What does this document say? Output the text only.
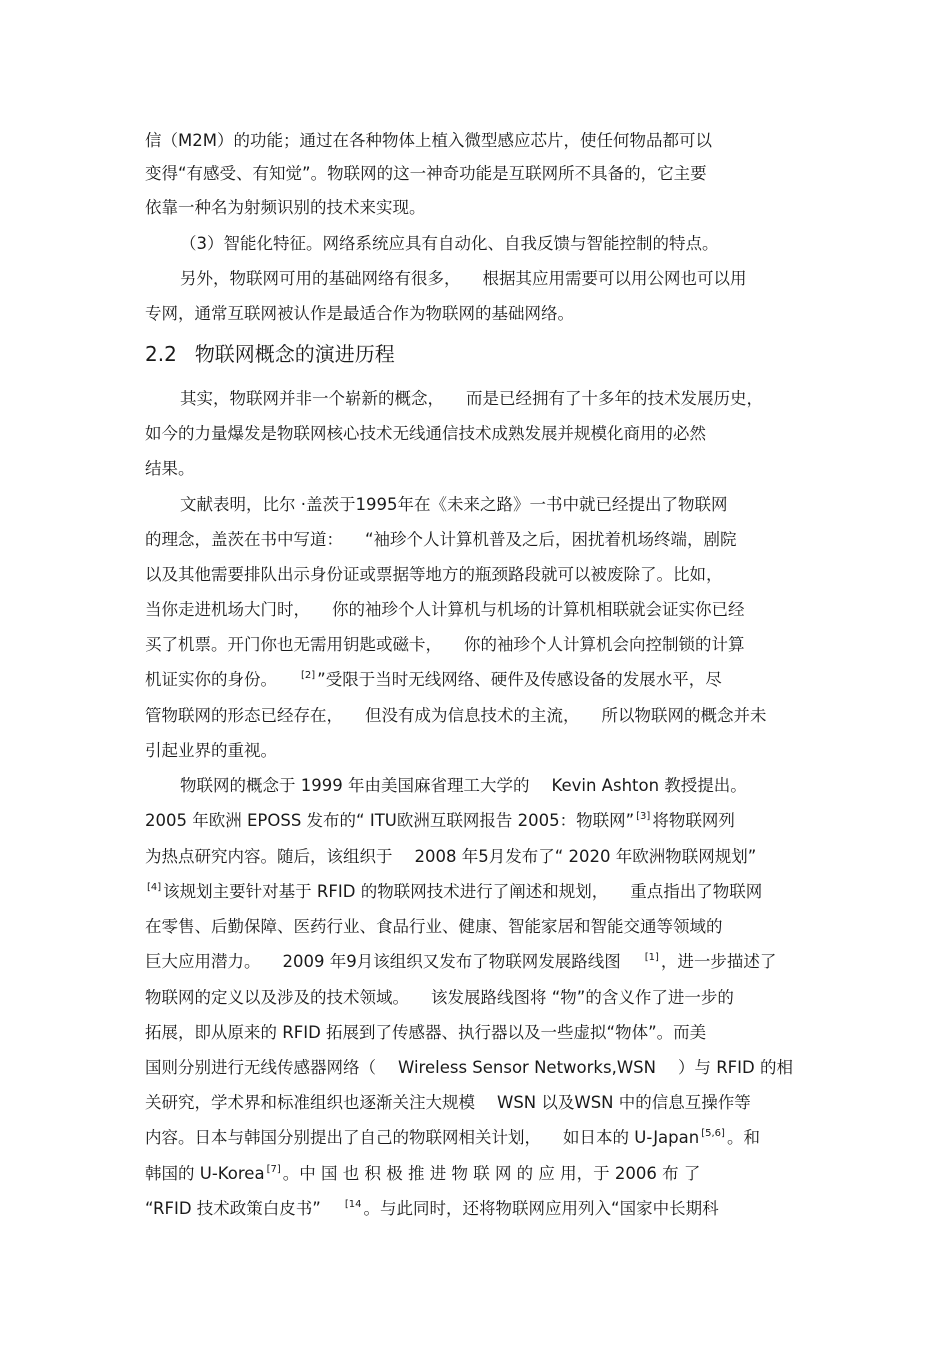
信（M2M）的功能；通过在各种物体上植入微型感应芯片，使任何物品都可以
变得“有感受、有知觉”。物联网的这一神奇功能是互联网所不具备的，它主要
依靠一种名为射频识别的技术来实现。
（3）智能化特征。网络系统应具有自动化、自我反馈与智能控制的特点。
另外，物联网可用的基础网络有很多， 根据其应用需要可以用公网也可以用
专网，通常互联网被认作是最适合作为物联网的基础网络。
2.2 物联网概念的演进历程
其实，物联网并非一个崭新的概念， 而是已经拥有了十多年的技术发展历史，
如今的力量爆发是物联网核心技术无线通信技术成熟发展并规模化商用的必然
结果。
文献表明，比尔 ·盖茨于1995年在《未来之路》一书中就已经提出了物联网
的理念，盖茨在书中写道： “袖珍个人计算机普及之后，困扰着机场终端，剧院
以及其他需要排队出示身份证或票据等地方的瓶颈路段就可以被废除了。比如，
当你走进机场大门时， 你的袖珍个人计算机与机场的计算机相联就会证实你已经
买了机票。开门你也无需用钥匙或磁卡， 你的袖珍个人计算机会向控制锁的计算
机证实你的身份。 [2] ”受限于当时无线网络、硬件及传感设备的发展水平，尽
管物联网的形态已经存在， 但没有成为信息技术的主流， 所以物联网的概念并未
引起业界的重视。
物联网的概念于 1999 年由美国麻省理工大学的 Kevin Ashton 教授提出。
2005 年欧洲 EPOSS 发布的“ ITU欧洲互联网报告 2005：物联网” [3] 将物联网列
为热点研究内容。随后，该组织于 2008 年5月发布了“ 2020 年欧洲物联网规划”
[4] 该规划主要针对基于 RFID 的物联网技术进行了阐述和规划， 重点指出了物联网
在零售、后勤保障、医药行业、食品行业、健康、智能家居和智能交通等领域的
巨大应用潜力。 2009 年9月该组织又发布了物联网发展路线图 [1] ，进一步描述了
物联网的定义以及涉及的技术领域。 该发展路线图将 “物”的含义作了进一步的
拓展，即从原来的 RFID 拓展到了传感器、执行器以及一些虚拟“物体”。而美
国则分别进行无线传感器网络（ Wireless Sensor Networks,WSN ）与 RFID 的相
关研究，学术界和标准组织也逐渐关注大规模 WSN 以及WSN 中的信息互操作等
内容。日本与韩国分别提出了自己的物联网相关计划， 如日本的 U-Japan [5,6] 。和
韩国的 U-Korea [7] 。中 国 也 积 极 推 进 物 联 网 的 应 用，于 2006 布 了
“RFID 技术政策白皮书” $^{[14}$ 。与此同时，还将物联网应用列入“国家中长期科
